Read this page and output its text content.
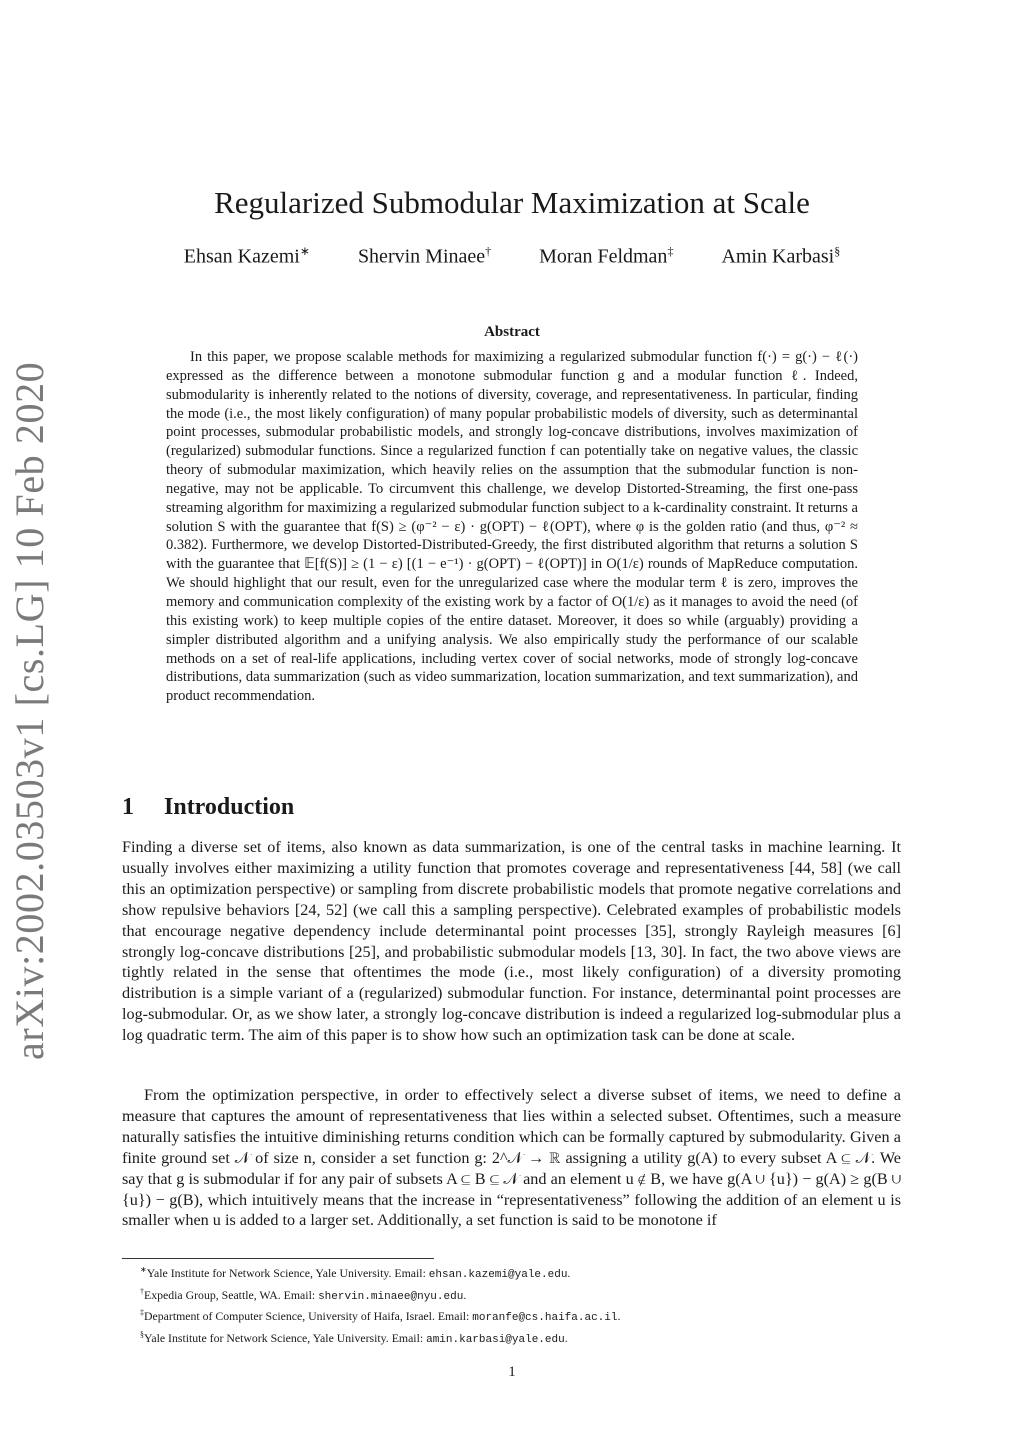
arXiv:2002.03503v1 [cs.LG] 10 Feb 2020
Regularized Submodular Maximization at Scale
Ehsan Kazemi∗ Shervin Minaee† Moran Feldman‡ Amin Karbasi§
Abstract

In this paper, we propose scalable methods for maximizing a regularized submodular function f(·) = g(·) − ℓ(·) expressed as the difference between a monotone submodular function g and a modular function ℓ. Indeed, submodularity is inherently related to the notions of diversity, coverage, and representativeness. In particular, finding the mode (i.e., the most likely configuration) of many popular probabilistic models of diversity, such as determinantal point processes, submodular probabilistic models, and strongly log-concave distributions, involves maximization of (regularized) submodular functions. Since a regularized function f can potentially take on negative values, the classic theory of submodular maximization, which heavily relies on the assumption that the submodular function is non-negative, may not be applicable. To circumvent this challenge, we develop Distorted-Streaming, the first one-pass streaming algorithm for maximizing a regularized submodular function subject to a k-cardinality constraint. It returns a solution S with the guarantee that f(S) ≥ (φ⁻² − ε) · g(OPT) − ℓ(OPT), where φ is the golden ratio (and thus, φ⁻² ≈ 0.382). Furthermore, we develop Distorted-Distributed-Greedy, the first distributed algorithm that returns a solution S with the guarantee that 𝔼[f(S)] ≥ (1 − ε) [(1 − e⁻¹) · g(OPT) − ℓ(OPT)] in O(1/ε) rounds of MapReduce computation. We should highlight that our result, even for the unregularized case where the modular term ℓ is zero, improves the memory and communication complexity of the existing work by a factor of O(1/ε) as it manages to avoid the need (of this existing work) to keep multiple copies of the entire dataset. Moreover, it does so while (arguably) providing a simpler distributed algorithm and a unifying analysis. We also empirically study the performance of our scalable methods on a set of real-life applications, including vertex cover of social networks, mode of strongly log-concave distributions, data summarization (such as video summarization, location summarization, and text summarization), and product recommendation.

1 Introduction

Finding a diverse set of items, also known as data summarization, is one of the central tasks in machine learning. It usually involves either maximizing a utility function that promotes coverage and representativeness [44, 58] (we call this an optimization perspective) or sampling from discrete probabilistic models that promote negative correlations and show repulsive behaviors [24, 52] (we call this a sampling perspective). Celebrated examples of probabilistic models that encourage negative dependency include determinantal point processes [35], strongly Rayleigh measures [6] strongly log-concave distributions [25], and probabilistic submodular models [13, 30]. In fact, the two above views are tightly related in the sense that oftentimes the mode (i.e., most likely configuration) of a diversity promoting distribution is a simple variant of a (regularized) submodular function. For instance, determinantal point processes are log-submodular. Or, as we show later, a strongly log-concave distribution is indeed a regularized log-submodular plus a log quadratic term. The aim of this paper is to show how such an optimization task can be done at scale.

From the optimization perspective, in order to effectively select a diverse subset of items, we need to define a measure that captures the amount of representativeness that lies within a selected subset. Oftentimes, such a measure naturally satisfies the intuitive diminishing returns condition which can be formally captured by submodularity. Given a finite ground set 𝒩 of size n, consider a set function g: 2^𝒩 → ℝ assigning a utility g(A) to every subset A ⊆ 𝒩. We say that g is submodular if for any pair of subsets A ⊆ B ⊆ 𝒩 and an element u ∉ B, we have g(A ∪ {u}) − g(A) ≥ g(B ∪ {u}) − g(B), which intuitively means that the increase in “representativeness” following the addition of an element u is smaller when u is added to a larger set. Additionally, a set function is said to be monotone if

∗Yale Institute for Network Science, Yale University. Email: ehsan.kazemi@yale.edu.
†Expedia Group, Seattle, WA. Email: shervin.minaee@nyu.edu.
‡Department of Computer Science, University of Haifa, Israel. Email: moranfe@cs.haifa.ac.il.
§Yale Institute for Network Science, Yale University. Email: amin.karbasi@yale.edu.
1
